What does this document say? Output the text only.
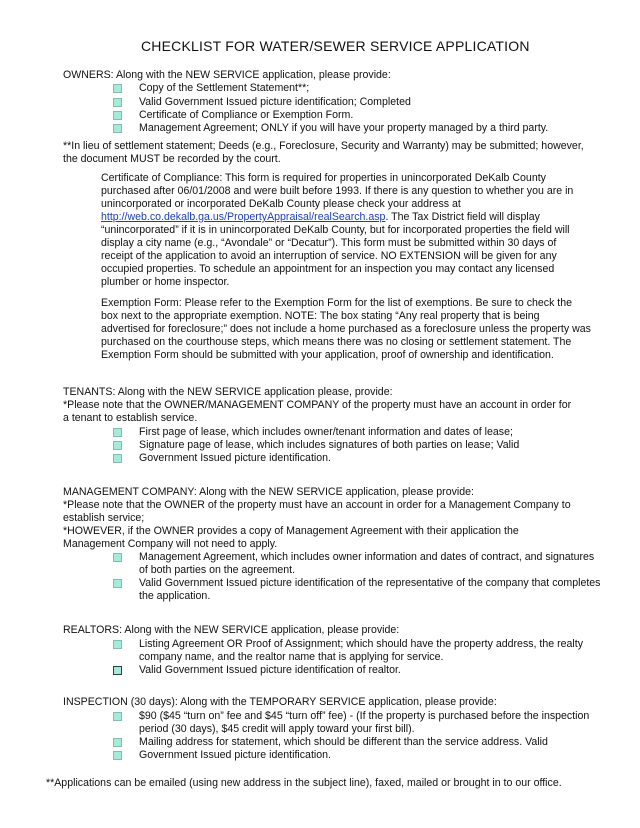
CHECKLIST FOR WATER/SEWER SERVICE APPLICATION
OWNERS: Along with the NEW SERVICE application, please provide:
Copy of the Settlement Statement**;
Valid Government Issued picture identification; Completed
Certificate of Compliance or Exemption Form.
Management Agreement; ONLY if you will have your property managed by a third party.
**In lieu of settlement statement; Deeds (e.g., Foreclosure, Security and Warranty) may be submitted; however,
the document MUST be recorded by the court.
Certificate of Compliance: This form is required for properties in unincorporated DeKalb County
purchased after 06/01/2008 and were built before 1993. If there is any question to whether you are in
unincorporated or incorporated DeKalb County please check your address at
http://web.co.dekalb.ga.us/PropertyAppraisal/realSearch.asp. The Tax District field will display
“unincorporated” if it is in unincorporated DeKalb County, but for incorporated properties the field will
display a city name (e.g., “Avondale” or “Decatur”). This form must be submitted within 30 days of
receipt of the application to avoid an interruption of service. NO EXTENSION will be given for any
occupied properties. To schedule an appointment for an inspection you may contact any licensed
plumber or home inspector.
Exemption Form: Please refer to the Exemption Form for the list of exemptions. Be sure to check the
box next to the appropriate exemption. NOTE: The box stating “Any real property that is being
advertised for foreclosure;” does not include a home purchased as a foreclosure unless the property was
purchased on the courthouse steps, which means there was no closing or settlement statement. The
Exemption Form should be submitted with your application, proof of ownership and identification.
TENANTS: Along with the NEW SERVICE application please, provide:
*Please note that the OWNER/MANAGEMENT COMPANY of the property must have an account in order for
a tenant to establish service.
First page of lease, which includes owner/tenant information and dates of lease;
Signature page of lease, which includes signatures of both parties on lease; Valid
Government Issued picture identification.
MANAGEMENT COMPANY: Along with the NEW SERVICE application, please provide:
*Please note that the OWNER of the property must have an account in order for a Management Company to
establish service;
*HOWEVER, if the OWNER provides a copy of Management Agreement with their application the
Management Company will not need to apply.
Management Agreement, which includes owner information and dates of contract, and signatures
of both parties on the agreement.
Valid Government Issued picture identification of the representative of the company that completes
the application.
REALTORS: Along with the NEW SERVICE application, please provide:
Listing Agreement OR Proof of Assignment; which should have the property address, the realty
company name, and the realtor name that is applying for service.
Valid Government Issued picture identification of realtor.
INSPECTION (30 days): Along with the TEMPORARY SERVICE application, please provide:
$90 ($45 “turn on” fee and $45 “turn off” fee) - (If the property is purchased before the inspection
period (30 days), $45 credit will apply toward your first bill).
Mailing address for statement, which should be different than the service address. Valid
Government Issued picture identification.
**Applications can be emailed (using new address in the subject line), faxed, mailed or brought in to our office.
